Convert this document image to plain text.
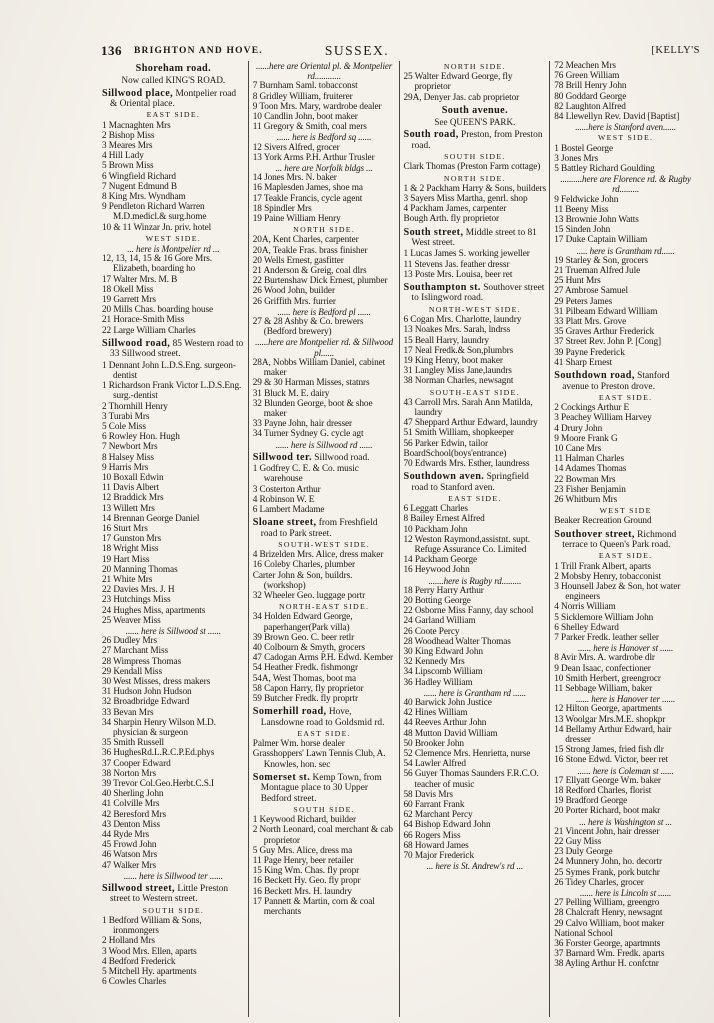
136 BRIGHTON AND HOVE.	SUSSEX.	[KELLY'S
Shoreham road.
Now called KING'S ROAD.
Sillwood place, Montpelier road & Oriental place.
EAST SIDE.
1 Macnaghten Mrs
2 Bishop Miss
3 Meares Mrs
4 Hill Lady
5 Brown Miss
6 Wingfield Richard
7 Nugent Edmund B
8 King Mrs. Wyndham
9 Pendleton Richard Warren M.D.medicl.& surg.home
10 & 11 Winzar Jn. priv. hotel
WEST SIDE.
... here is Montpelier rd ...
12, 13, 14, 15 & 16 Gore Mrs. Elizabeth, boarding ho
17 Walter Mrs. M. B
18 Okell Miss
19 Garrett Mrs
20 Mills Chas. boarding house
21 Horace-Smith Miss
22 Large William Charles
Sillwood road, 85 Western road to 33 Sillwood street.
1 Dennant John L.D.S.Eng. surgeon-dentist
1 Richardson Frank Victor L.D.S.Eng. surg.-dentist
2 Thornhill Henry
3 Turabi Mrs
5 Cole Miss
6 Rowley Hon. Hugh
7 Newbort Mrs
8 Halsey Miss
9 Harris Mrs
10 Boxall Edwin
11 Davis Albert
12 Braddick Mrs
13 Willett Mrs
14 Brennan George Daniel
16 Sturt Mrs
17 Gunston Mrs
18 Wright Miss
19 Hart Miss
20 Manning Thomas
21 White Mrs
22 Davies Mrs. J. H
23 Hutchings Miss
24 Hughes Miss, apartments
25 Weaver Miss
...... here is Sillwood st ......
26 Dudley Mrs
27 Marchant Miss
28 Wimpress Thomas
29 Kendall Miss
30 West Misses, dress makers
31 Hudson John Hudson
32 Broadbridge Edward
33 Bevan Mrs
34 Sharpin Henry Wilson M.D. physician & surgeon
35 Smith Russell
36 HughesRd.L.R.C.P.Ed.phys
37 Cooper Edward
38 Norton Mrs
39 Trevor Col.Geo.Herbt.C.S.I
40 Sherling John
41 Colville Mrs
42 Beresford Mrs
43 Denton Miss
44 Ryde Mrs
45 Frowd John
46 Watson Mrs
47 Walker Mrs
...... here is Sillwood ter ......
Sillwood street, Little Preston street to Western street.
SOUTH SIDE.
1 Bedford William & Sons, ironmongers
2 Holland Mrs
3 Wood Mrs. Ellen, aparts
4 Bedford Frederick
5 Mitchell Hy. apartments
6 Cowles Charles
......here are Oriental pl. & Montpelier rd............
7 Burnham Saml. tobacconst
8 Gridley William, fruiterer
9 Toon Mrs. Mary, wardrobe dealer
10 Candlin John, boot maker
11 Gregory & Smith, coal mers
...... here is Bedford sq ......
12 Sivers Alfred, grocer
13 York Arms P.H. Arthur Trusler
... here are Norfolk bldgs ...
14 Jones Mrs. N. baker
16 Maplesden James, shoe ma
17 Teakle Francis, cycle agent
18 Spindler Mrs
19 Paine William Henry
NORTH SIDE.
20A, Kent Charles, carpenter
20A, Teakle Fras. brass finisher
20 Wells Ernest, gasfitter
21 Anderson & Greig, coal dlrs
22 Burtenshaw Dick Ernest, plumber
26 Wood John, builder
26 Griffith Mrs. furrier
...... here is Bedford pl ......
27 & 28 Ashby & Co. brewers (Bedford brewery)
......here are Montpelier rd. & Sillwood pl......
28A, Nobbs William Daniel, cabinet maker
29 & 30 Harman Misses, statnrs
31 Bluck M. E. dairy
32 Blunden George, boot & shoe maker
33 Payne John, hair dresser
34 Turner Sydney G. cycle agt
...... here is Sillwood rd ......
Sillwood ter. Sillwood road.
1 Godfrey C. E. & Co. music warehouse
3 Costerton Arthur
4 Robinson W. E
6 Lambert Madame
Sloane street, from Freshfield road to Park street.
SOUTH-WEST SIDE.
4 Brizelden Mrs. Alice, dress maker
16 Coleby Charles, plumber
Carter John & Son, buildrs. (workshop)
32 Wheeler Geo. luggage portr
NORTH-EAST SIDE.
34 Holden Edward George, paperhanger(Park villa)
39 Brown Geo. C. beer retlr
40 Colbourn & Smyth, grocers
47 Cadogan Arms P.H. Edwd. Kember
54 Heather Fredk. fishmongr
54A, West Thomas, boot ma
58 Capon Harry, fly proprietor
59 Butcher Fredk. fly proprtr
Somerhill road, Hove, Lansdowne road to Goldsmid rd.
EAST SIDE.
Palmer Wm. horse dealer
Grasshoppers' Lawn Tennis Club, A. Knowles, hon. sec
Somerset st. Kemp Town, from Montague place to 30 Upper Bedford street.
SOUTH SIDE.
1 Keywood Richard, builder
2 North Leonard, coal merchant & cab proprietor
5 Guy Mrs. Alice, dress ma
11 Page Henry, beer retailer
15 King Wm. Chas. fly propr
16 Beckett Hy. Geo. fly propr
16 Beckett Mrs. H. laundry
17 Pannett & Martin, corn & coal merchants
NORTH SIDE.
25 Walter Edward George, fly proprietor
29A, Denyer Jas. cab proprietor
South avenue.
See QUEEN'S PARK.
South road, Preston, from Preston road.
SOUTH SIDE.
Clark Thomas (Preston Farm cottage)
NORTH SIDE.
1 & 2 Packham Harry & Sons, builders
3 Sayers Miss Martha, genrl. shop
4 Packham James, carpenter
Bough Arth. fly proprietor
South street, Middle street to 81 West street.
1 Lucas James S. working jeweller
11 Stevens Jas. feather dressr
13 Poste Mrs. Louisa, beer ret
Southampton st. Southover street to Islingword road.
NORTH-WEST SIDE.
6 Cogan Mrs. Charlotte, laundry
13 Noakes Mrs. Sarah, lndrss
15 Beall Harry, laundry
17 Neal Fredk.& Son,plumbrs
19 King Henry, boot maker
31 Langley Miss Jane,laundrs
38 Norman Charles, newsagnt
SOUTH-EAST SIDE.
43 Carroll Mrs. Sarah Ann Matilda, laundry
47 Sheppard Arthur Edward, laundry
51 Smith William, shopkeeper
56 Parker Edwin, tailor
BoardSchool(boys'entrance)
70 Edwards Mrs. Esther, laundress
Southdown aven. Springfield road to Stanford aven.
EAST SIDE.
6 Leggatt Charles
8 Bailey Ernest Alfred
10 Packham John
12 Weston Raymond,assistnt. supt. Refuge Assurance Co. Limited
14 Packham George
16 Heywood John
.......here is Rugby rd.........
18 Perry Harry Arthur
20 Botting George
22 Osborne Miss Fanny, day school
24 Garland William
26 Coote Percy
28 Woodhead Walter Thomas
30 King Edward John
32 Kennedy Mrs
34 Lipscomb William
36 Hadley William
...... here is Grantham rd ......
40 Barwick John Justice
42 Hines William
44 Reeves Arthur John
48 Mutton David William
50 Brooker John
52 Clemence Mrs. Henrietta, nurse
54 Lawler Alfred
56 Guyer Thomas Saunders F.R.C.O. teacher of music
58 Davis Mrs
60 Farrant Frank
62 Marchant Percy
64 Bishop Edward John
66 Rogers Miss
68 Howard James
70 Major Frederick
... here is St. Andrew's rd ...
72 Meachen Mrs
76 Green William
78 Brill Henry John
80 Goddard George
82 Laughton Alfred
84 Llewellyn Rev. David [Baptist]
......here is Stanford aven......
WEST SIDE.
1 Bostel George
3 Jones Mrs
5 Battley Richard Goulding
..........here are Florence rd. & Rugby rd.........
9 Feldwicke John
11 Beeny Miss
13 Brownie John Watts
15 Sinden John
17 Duke Captain William
..... here is Grantham rd......
19 Starley & Son, grocers
21 Trueman Alfred Jule
25 Hunt Mrs
27 Ambrose Samuel
29 Peters James
31 Pilbeam Edward William
33 Platt Mrs. Grove
35 Graves Arthur Frederick
37 Street Rev. John P. [Cong]
39 Payne Frederick
41 Sharp Ernest
Southdown road, Stanford avenue to Preston drove.
EAST SIDE.
2 Cockings Arthur E
3 Peachey William Harvey
4 Drury John
9 Moore Frank G
10 Cane Mrs
11 Halman Charles
14 Adames Thomas
22 Bowman Mrs
23 Fisher Benjamin
26 Whitburn Mrs
WEST SIDE
Beaker Recreation Ground
Southover street, Richmond terrace to Queen's Park road.
EAST SIDE.
1 Trill Frank Albert, aparts
2 Mobsby Henry, tobacconist
3 Hounsell Jabez & Son, hot water engineers
4 Norris William
5 Sicklemore William John
6 Shelley Edward
7 Parker Fredk. leather seller
...... here is Hanover st ......
8 Avir Mrs. A. wardrobe dlr
9 Dean Isaac, confectioner
10 Smith Herbert, greengrocr
11 Sebbage William, baker
...... here is Hanover ter ......
12 Hilton George, apartments
13 Woolgar Mrs.M.E. shopkpr
14 Bellamy Arthur Edward, hair dresser
15 Strong James, fried fish dlr
16 Stone Edwd. Victor, beer ret
...... here is Coleman st ......
17 Ellyatt George Wm. baker
18 Redford Charles, florist
19 Bradford George
20 Porter Richard, boot makr
... here is Washington st ...
21 Vincent John, hair dresser
22 Guy Miss
23 Duly George
24 Munnery John, ho. decortr
25 Symes Frank, pork butchr
26 Tidey Charles, grocer
...... here is Lincoln st ......
27 Pelling William, greengro
28 Chalcraft Henry, newsagnt
29 Calvo William, boot maker
National School
36 Forster George, apartmnts
37 Barnard Wm. Fredk. aparts
38 Ayling Arthur H. confctnr
